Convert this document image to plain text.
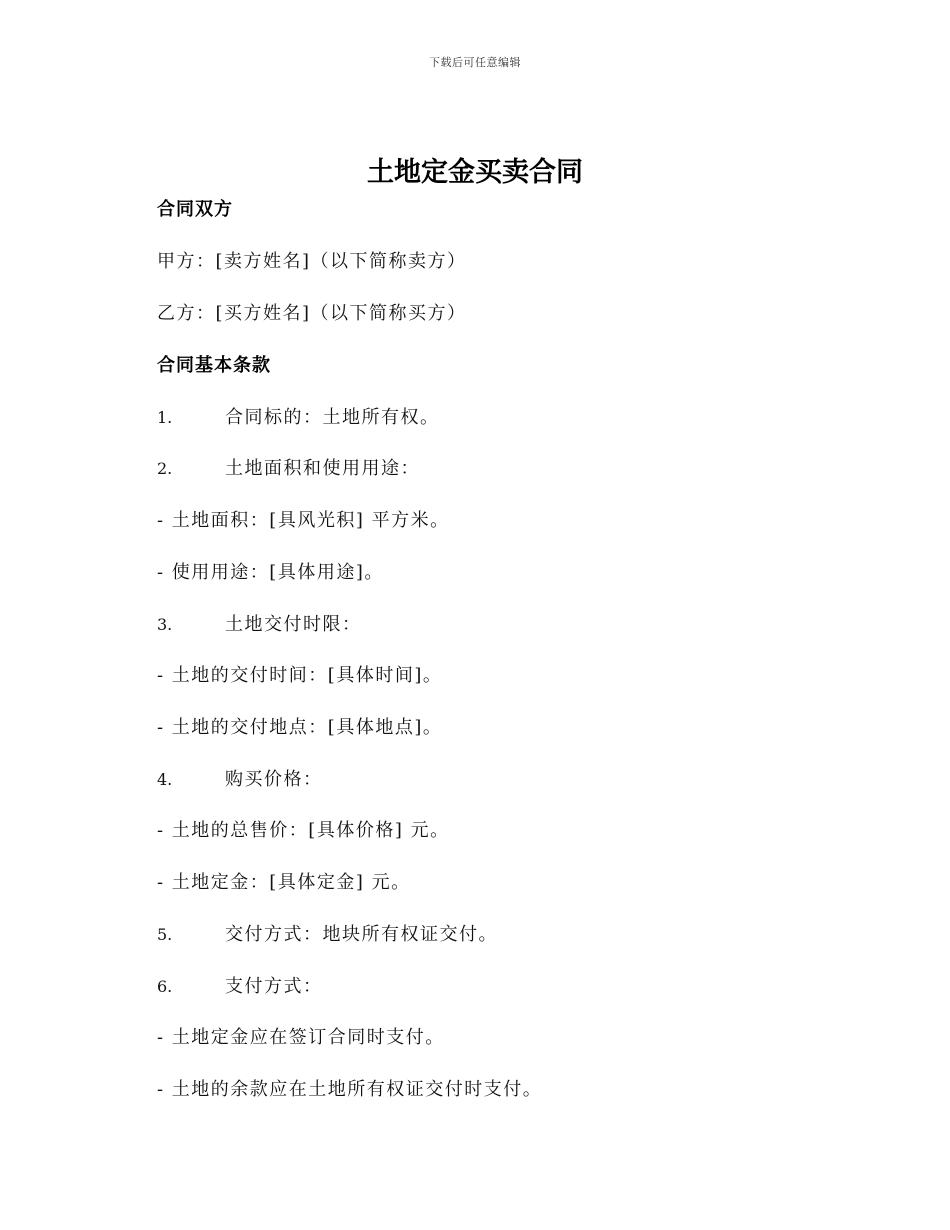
下载后可任意编辑
土地定金买卖合同
合同双方
甲方：[卖方姓名]（以下简称卖方）
乙方：[买方姓名]（以下简称买方）
合同基本条款
1.	合同标的：土地所有权。
2.	土地面积和使用用途：
- 土地面积：[具风光积] 平方米。
- 使用用途：[具体用途]。
3.	土地交付时限：
- 土地的交付时间：[具体时间]。
- 土地的交付地点：[具体地点]。
4.	购买价格：
- 土地的总售价：[具体价格] 元。
- 土地定金：[具体定金] 元。
5.	交付方式：地块所有权证交付。
6.	支付方式：
- 土地定金应在签订合同时支付。
- 土地的余款应在土地所有权证交付时支付。
